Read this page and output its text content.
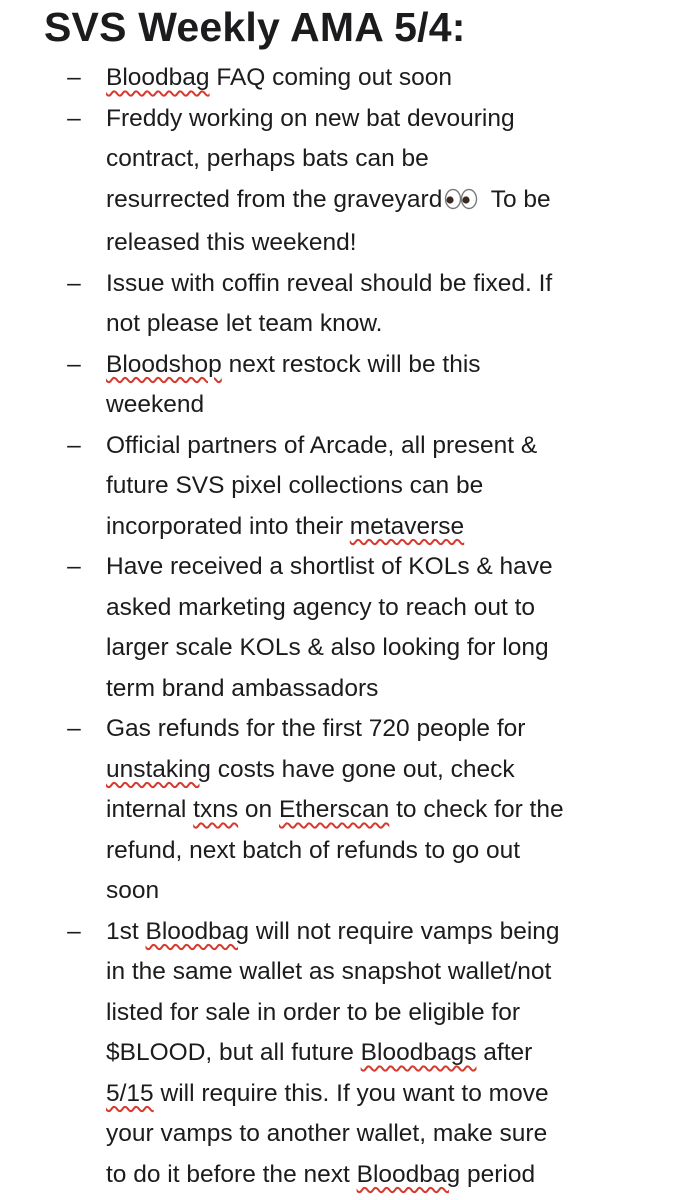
SVS Weekly AMA 5/4:
– Bloodbag FAQ coming out soon
– Freddy working on new bat devouring
contract, perhaps bats can be
resurrected from the graveyard To be
released this weekend!
– Issue with coffin reveal should be fixed. If
not please let team know.
– Bloodshop next restock will be this
weekend
– Official partners of Arcade, all present &
future SVS pixel collections can be
incorporated into their metaverse
– Have received a shortlist of KOLs & have
asked marketing agency to reach out to
larger scale KOLs & also looking for long
term brand ambassadors
– Gas refunds for the first 720 people for
unstaking costs have gone out, check
internal txns on Etherscan to check for the
refund, next batch of refunds to go out
soon
– 1st Bloodbag will not require vamps being
in the same wallet as snapshot wallet/not
listed for sale in order to be eligible for
$BLOOD, but all future Bloodbags after
5/15 will require this. If you want to move
your vamps to another wallet, make sure
to do it before the next Bloodbag period
